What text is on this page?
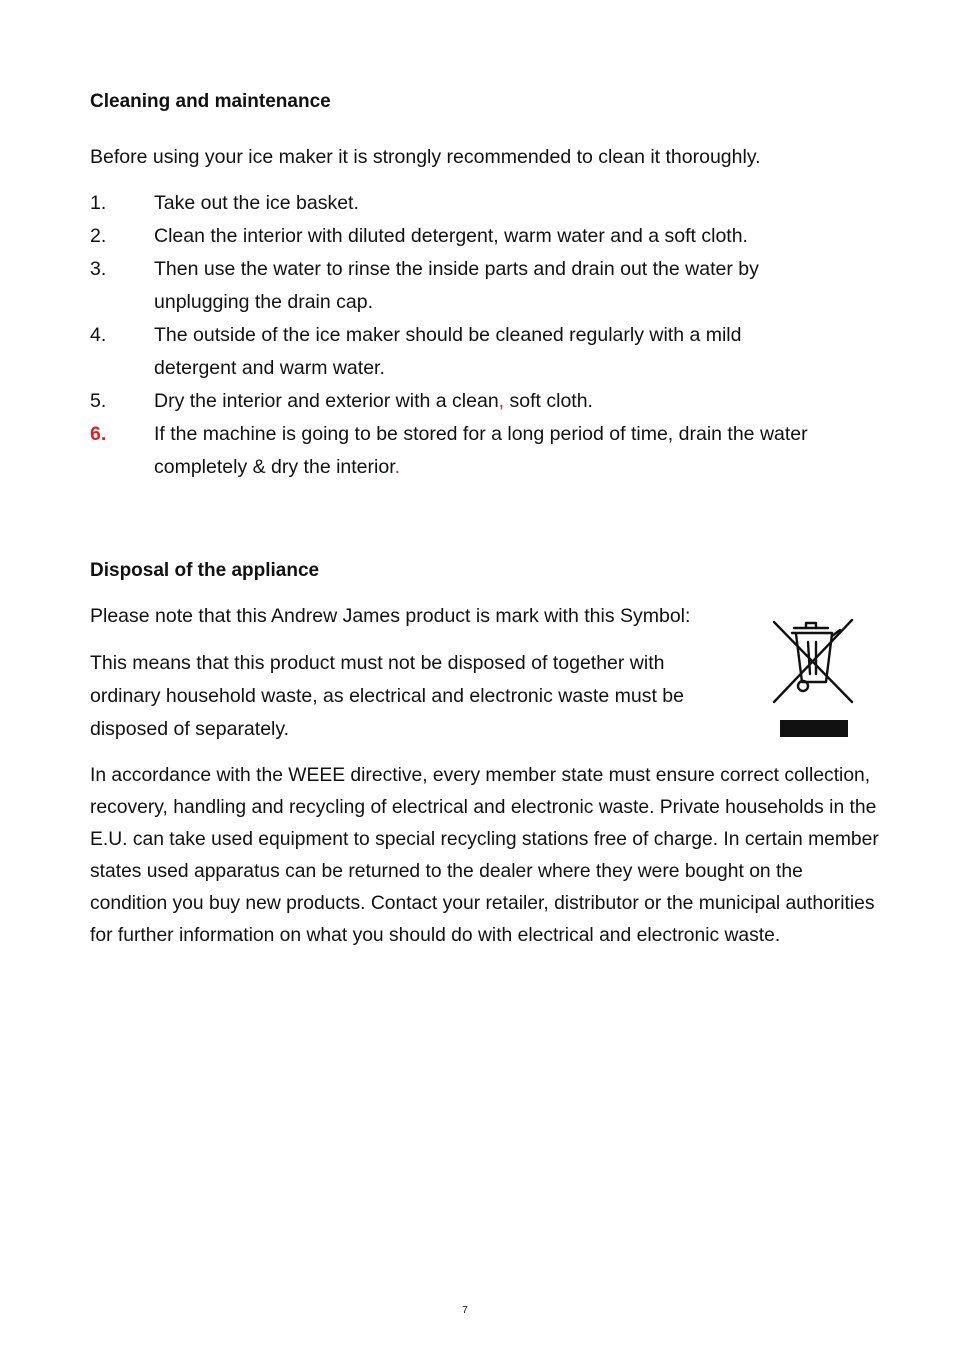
Cleaning and maintenance
Before using your ice maker it is strongly recommended to clean it thoroughly.
1. Take out the ice basket.
2. Clean the interior with diluted detergent, warm water and a soft cloth.
3. Then use the water to rinse the inside parts and drain out the water by unplugging the drain cap.
4. The outside of the ice maker should be cleaned regularly with a mild detergent and warm water.
5. Dry the interior and exterior with a clean, soft cloth.
6. If the machine is going to be stored for a long period of time, drain the water completely & dry the interior.
Disposal of the appliance
Please note that this Andrew James product is mark with this Symbol:
This means that this product must not be disposed of together with ordinary household waste, as electrical and electronic waste must be disposed of separately.
In accordance with the WEEE directive, every member state must ensure correct collection, recovery, handling and recycling of electrical and electronic waste. Private households in the E.U. can take used equipment to special recycling stations free of charge. In certain member states used apparatus can be returned to the dealer where they were bought on the condition you buy new products. Contact your retailer, distributor or the municipal authorities for further information on what you should do with electrical and electronic waste.
7
